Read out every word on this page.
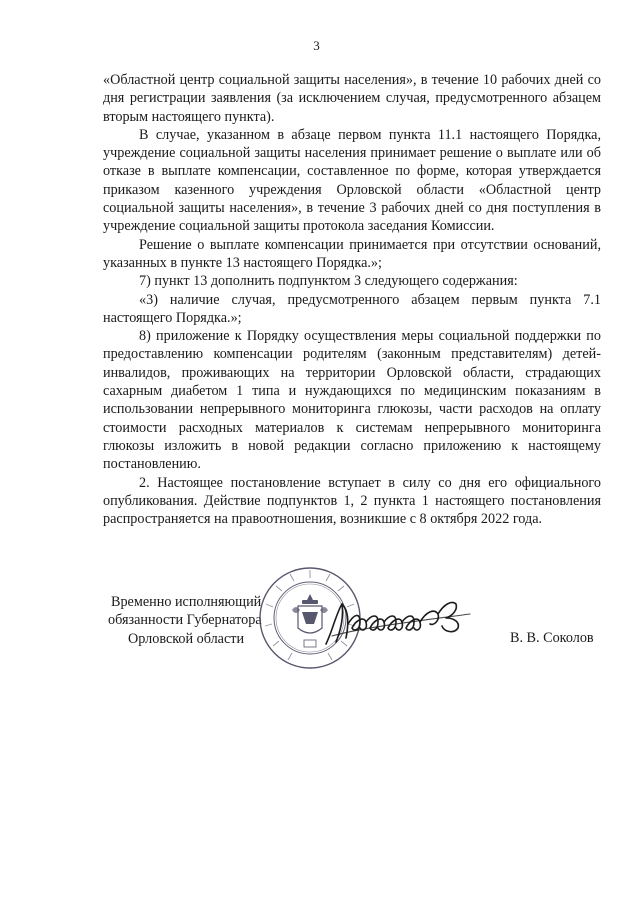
3

«Областной центр социальной защиты населения», в течение 10 рабочих дней со дня регистрации заявления (за исключением случая, предусмотренного абзацем вторым настоящего пункта).

В случае, указанном в абзаце первом пункта 11.1 настоящего Порядка, учреждение социальной защиты населения принимает решение о выплате или об отказе в выплате компенсации, составленное по форме, которая утверждается приказом казенного учреждения Орловской области «Областной центр социальной защиты населения», в течение 3 рабочих дней со дня поступления в учреждение социальной защиты протокола заседания Комиссии.

Решение о выплате компенсации принимается при отсутствии оснований, указанных в пункте 13 настоящего Порядка.»;

7) пункт 13 дополнить подпунктом 3 следующего содержания:

«3) наличие случая, предусмотренного абзацем первым пункта 7.1 настоящего Порядка.»;

8) приложение к Порядку осуществления меры социальной поддержки по предоставлению компенсации родителям (законным представителям) детей-инвалидов, проживающих на территории Орловской области, страдающих сахарным диабетом 1 типа и нуждающихся по медицинским показаниям в использовании непрерывного мониторинга глюкозы, части расходов на оплату стоимости расходных материалов к системам непрерывного мониторинга глюкозы изложить в новой редакции согласно приложению к настоящему постановлению.

2. Настоящее постановление вступает в силу со дня его официального опубликования. Действие подпунктов 1, 2 пункта 1 настоящего постановления распространяется на правоотношения, возникшие с 8 октября 2022 года.

Временно исполняющий
обязанности Губернатора
Орловской области	В. В. Соколов
